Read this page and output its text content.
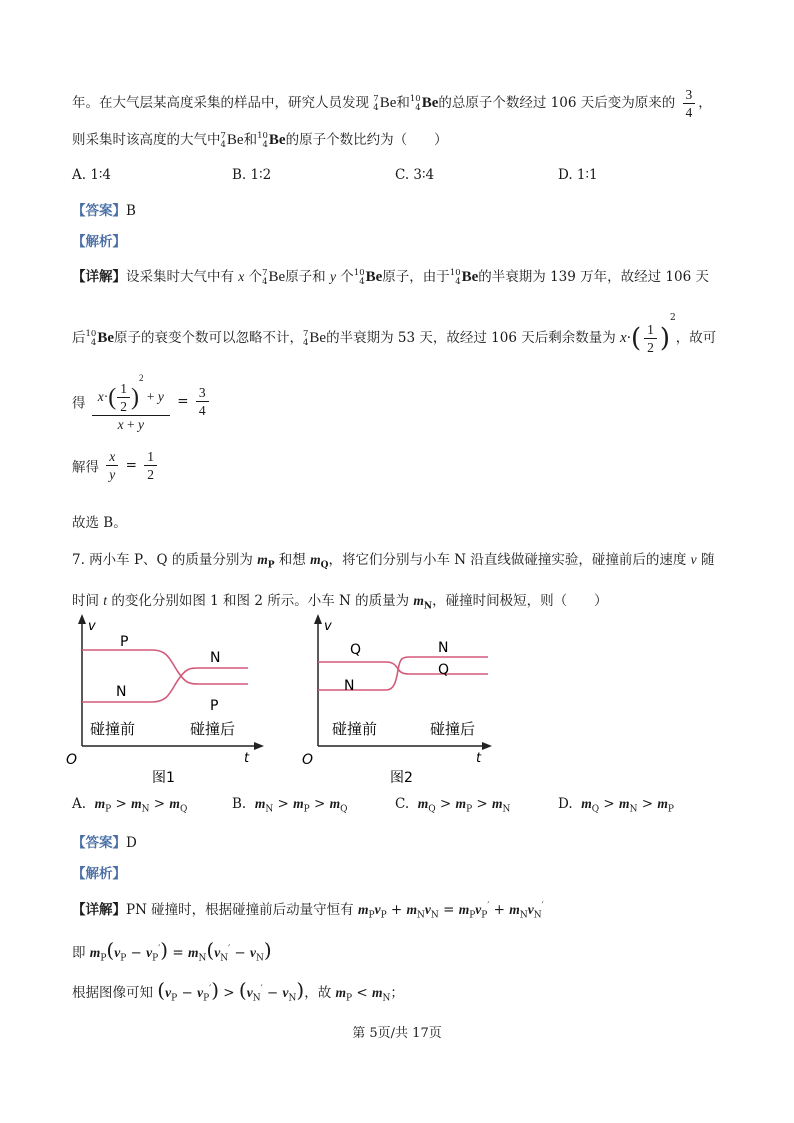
年。在大气层某高度采集的样品中，研究人员发现 7
4 Be和 10
4 Be的总原子个数经过 106 天后变为原来的 $\frac{3}{4}$ ，
则采集时该高度的大气中 7
4 Be和 10
4 Be的原子个数比约为（　　）
A. 1∶4	B. 1∶2	C. 3∶4	D. 1∶1
【答案】B
【解析】
【详解】设采集时大气中有 x 个 7
4 Be原子和 y 个 10
4 Be原子，由于 10
4 Be的半衰期为 139 万年，故经过 106 天
后 10
4 Be原子的衰变个数可以忽略不计， 7
4 Be的半衰期为 53 天，故经过 106 天后剩余数量为 $x\cdot( \frac{1}{2} )^2$，故可
得 $\frac{x\cdot( \frac{1}{2} )^2 + y}{x + y} = \frac{3}{4}$
解得 $\frac{x}{y} = \frac{1}{2}$
故选 B。
7. 两小车 P、Q 的质量分别为 $m_P$ 和想 $m_Q$，将它们分别与小车 N 沿直线做碰撞实验，碰撞前后的速度 v 随
时间 t 的变化分别如图 1 和图 2 所示。小车 N 的质量为 $m_N$，碰撞时间极短，则（　　）
v
t
O
P
N
N
P
碰撞前	碰撞后
图1
v
t
O
Q
N
N
Q
碰撞前	碰撞后
图2
A. $m_P > m_N > m_Q$	B. $m_N > m_P > m_Q$	C. $m_Q > m_P > m_N$	D. $m_Q > m_N > m_P$
【答案】D
【解析】
【详解】PN 碰撞时，根据碰撞前后动量守恒有 $m_Pv_P + m_Nv_N = m_Pv_P' + m_Nv_N'$
即 $m_P(v_P - v_P') = m_N(v_N' - v_N)$
根据图像可知 $(v_P - v_P') > (v_N' - v_N)$，故 $m_P < m_N$；
第 5页/共 17页
